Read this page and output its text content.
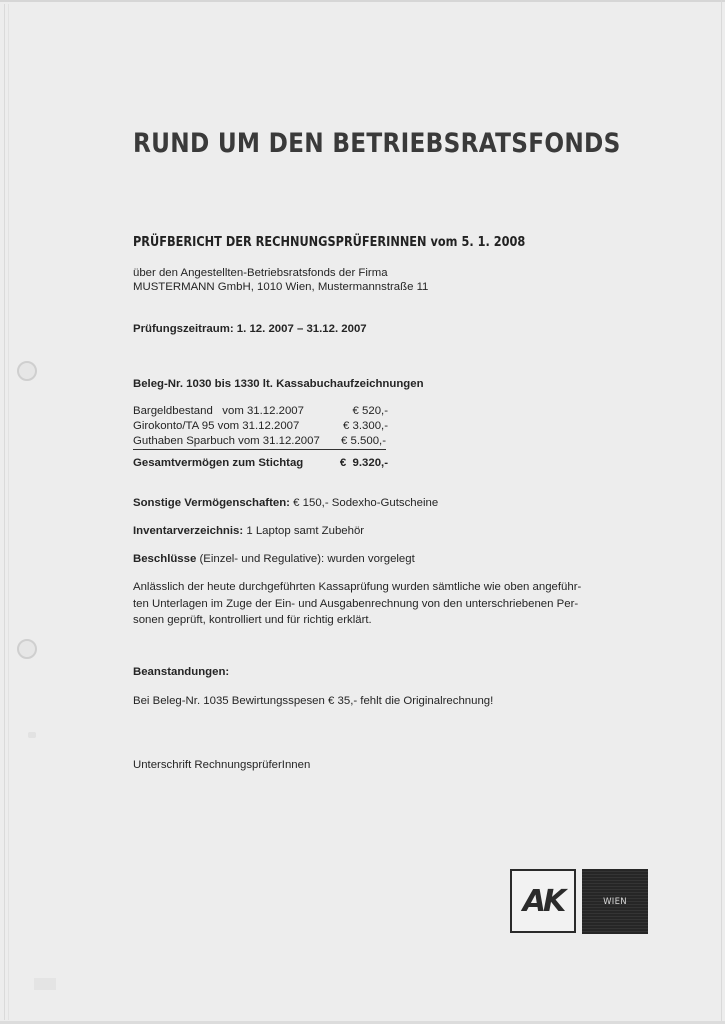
RUND UM DEN BETRIEBSRATSFONDS
PRÜFBERICHT DER RECHNUNGSPRÜFERINNEN vom 5. 1. 2008
über den Angestellten-Betriebsratsfonds der Firma
MUSTERMANN GmbH, 1010 Wien, Mustermannstraße 11
Prüfungszeitraum: 1. 12. 2007 – 31.12. 2007
Beleg-Nr. 1030 bis 1330 lt. Kassabuchaufzeichnungen
Bargeldbestand   vom 31.12.2007	€ 520,-
Girokonto/TA 95 vom 31.12.2007	€ 3.300,-
Guthaben Sparbuch vom 31.12.2007 € 5.500,-
Gesamtvermögen zum Stichtag	€  9.320,-
Sonstige Vermögenschaften: € 150,- Sodexho-Gutscheine
Inventarverzeichnis: 1 Laptop samt Zubehör
Beschlüsse (Einzel- und Regulative): wurden vorgelegt
Anlässlich der heute durchgeführten Kassaprüfung wurden sämtliche wie oben angeführ-
ten Unterlagen im Zuge der Ein- und Ausgabenrechnung von den unterschriebenen Per-
sonen geprüft, kontrolliert und für richtig erklärt.
Beanstandungen:
Bei Beleg-Nr. 1035 Bewirtungsspesen € 35,- fehlt die Originalrechnung!
Unterschrift RechnungsprüferInnen
AK	WIEN
